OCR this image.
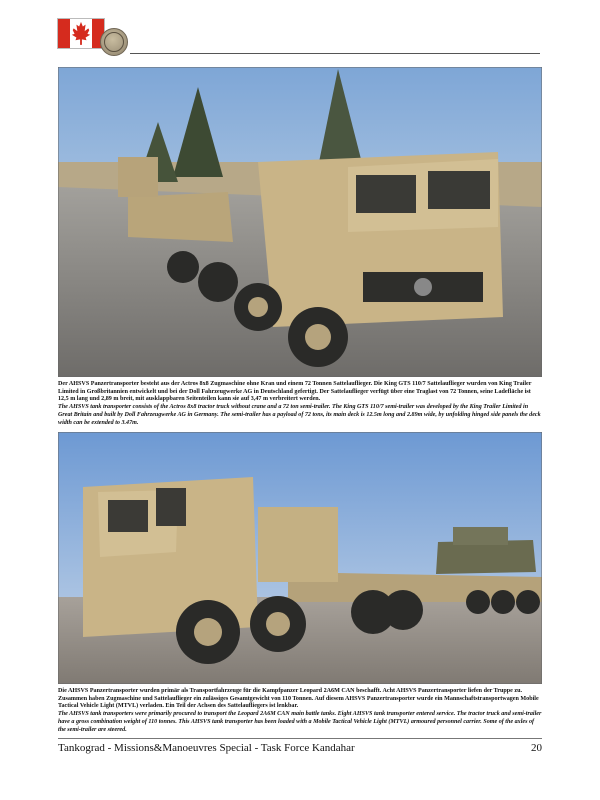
Der AHSVS Panzertransporter besteht aus der Actros 8x8 Zugmaschine ohne Kran und einem 72 Tonnen Sattelauflieger. Die King GTS 110/7 Sattelauflieger wurden von King Trailer Limited in Großbritannien entwickelt und bei der Doll Fahrzeugwerke AG in Deutschland gefertigt. Der Sattelauflieger verfügt über eine Traglast von 72 Tonnen, seine Ladefläche ist 12,5 m lang und 2,89 m breit, mit ausklappbaren Seitenteilen kann sie auf 3,47 m verbreitert werden.

The AHSVS tank transporter consists of the Actros 8x8 tractor truck without crane and a 72 ton semi-trailer. The King GTS 110/7 semi-trailer was developed by the King Trailer Limited in Great Britain and built by Doll Fahrzeugwerke AG in Germany. The semi-trailer has a payload of 72 tons, its main deck is 12.5m long and 2.89m wide, by unfolding hinged side panels the deck width can be extended to 3.47m.

Die AHSVS Panzertransporter wurden primär als Transportfahrzeuge für die Kampfpanzer Leopard 2A6M CAN beschafft. Acht AHSVS Panzertransporter liefen der Truppe zu. Zusammen haben Zugmaschine und Sattelauflieger ein zulässiges Gesamtgewicht von 110 Tonnen. Auf diesem AHSVS Panzertransporter wurde ein Mannschaftstransportwagen Mobile Tactical Vehicle Light (MTVL) verladen. Ein Teil der Achsen des Sattelaufliegers ist lenkbar.

The AHSVS tank transporters were primarily procured to transport the Leopard 2A6M CAN main battle tanks. Eight AHSVS tank transporter entered service. The tractor truck and semi-trailer have a gross combination weight of 110 tonnes. This AHSVS tank transporter has been loaded with a Mobile Tactical Vehicle Light (MTVL) armoured personnel carrier. Some of the axles of the semi-trailer are steered.

Tankograd - Missions&Manoeuvres Special - Task Force Kandahar	20
